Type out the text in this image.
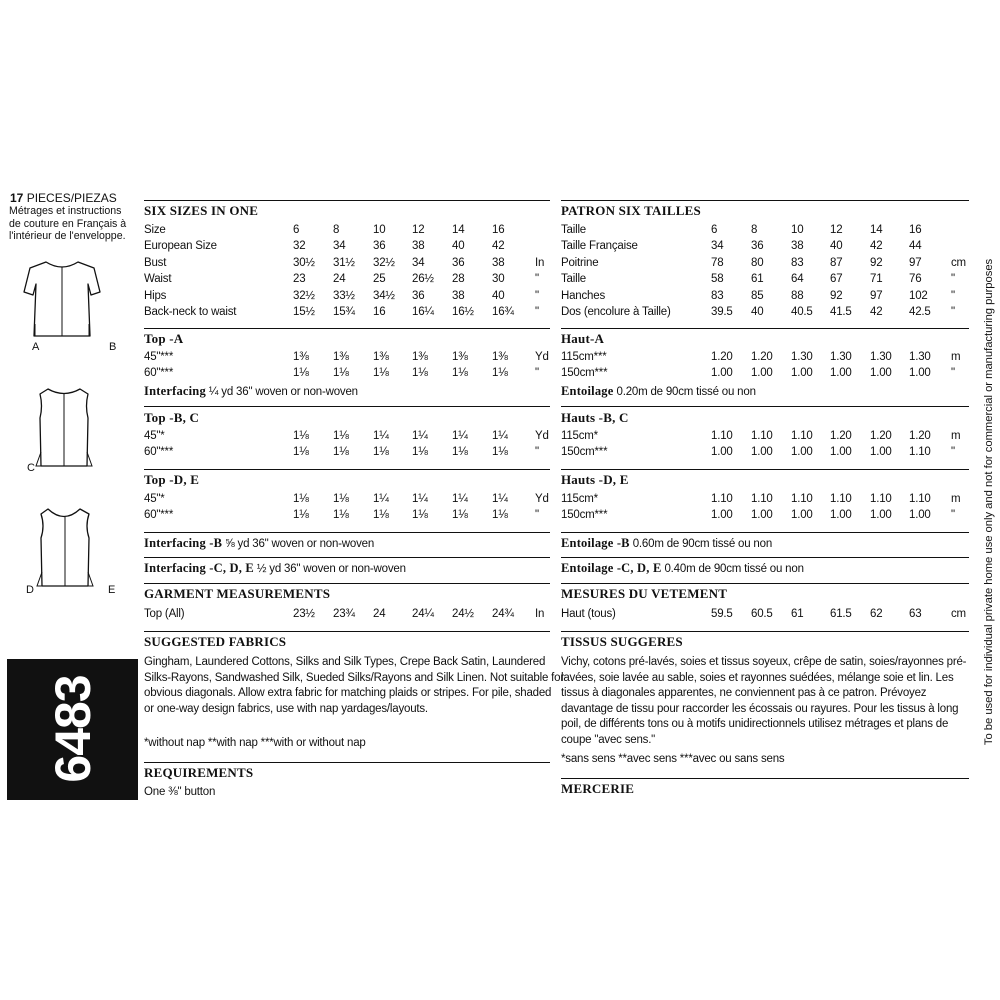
17 PIECES/PIEZAS
Métrages et instructions
de couture en Français à
l'intérieur de l'enveloppe.
A	B
C
D	E
6483	To be used for individual private home use only and not for commercial or manufacturing purposes
SIX SIZES IN ONE
Size	6	8	10 12 14 16
European Size	32 34 36 38 40 42
Bust	30½ 31½ 32½ 34 36 38	In
Waist	23 24 25 26½ 28 30	"
Hips	32½ 33½ 34½ 36 38 40	"
Back-neck to waist	15½ 15¾ 16 16¼ 16½ 16¾ "
Top -A
45"***	1⅜ 1⅜ 1⅜ 1⅜ 1⅜ 1⅜ Yd
60"***	1⅛ 1⅛ 1⅛ 1⅛ 1⅛ 1⅛ "
Interfacing ¼ yd 36" woven or non-woven
Top -B, C
45"*	1⅛ 1⅛ 1¼ 1¼ 1¼ 1¼ Yd
60"***	1⅛ 1⅛ 1⅛ 1⅛ 1⅛ 1⅛ "
Top -D, E
45"*	1⅛ 1⅛ 1¼ 1¼ 1¼ 1¼ Yd
60"***	1⅛ 1⅛ 1⅛ 1⅛ 1⅛ 1⅛ "
Interfacing -B ⅝ yd 36" woven or non-woven
Interfacing -C, D, E ½ yd 36" woven or non-woven
GARMENT MEASUREMENTS
Top (All)	23½ 23¾ 24 24¼ 24½ 24¾ In
SUGGESTED FABRICS
Gingham, Laundered Cottons, Silks and Silk Types, Crepe Back Satin, Laundered
Silks-Rayons, Sandwashed Silk, Sueded Silks/Rayons and Silk Linen. Not suitable for
obvious diagonals. Allow extra fabric for matching plaids or stripes. For pile, shaded
or one-way design fabrics, use with nap yardages/layouts.
*without nap **with nap ***with or without nap
REQUIREMENTS
One ⅜" button
PATRON SIX TAILLES
Taille	6	8	10 12 14 16
Taille Française	34 36 38 40 42 44
Poitrine	78 80 83 87 92 97	cm
Taille	58 61 64 67 71 76	"
Hanches	83 85 88 92 97 102 "
Dos (encolure à Taille)	39.5 40 40.5 41.5 42 42.5 "
Haut-A
115cm***	1.20 1.20 1.30 1.30 1.30 1.30 m
150cm***	1.00 1.00 1.00 1.00 1.00 1.00 "
Entoilage 0.20m de 90cm tissé ou non
Hauts -B, C
115cm*	1.10 1.10 1.10 1.20 1.20 1.20 m
150cm***	1.00 1.00 1.00 1.00 1.00 1.10 "
Hauts -D, E
115cm*	1.10 1.10 1.10 1.10 1.10 1.10 m
150cm***	1.00 1.00 1.00 1.00 1.00 1.00 "
Entoilage -B 0.60m de 90cm tissé ou non
Entoilage -C, D, E 0.40m de 90cm tissé ou non
MESURES DU VETEMENT
Haut (tous)	59.5 60.5 61 61.5 62 63	cm
TISSUS SUGGERES
Vichy, cotons pré-lavés, soies et tissus soyeux, crêpe de satin, soies/rayonnes pré-
lavées, soie lavée au sable, soies et rayonnes suédées, mélange soie et lin. Les
tissus à diagonales apparentes, ne conviennent pas à ce patron. Prévoyez
davantage de tissu pour raccorder les écossais ou rayures. Pour les tissus à long
poil, de différents tons ou à motifs unidirectionnels utilisez métrages et plans de
coupe "avec sens."
*sans sens **avec sens ***avec ou sans sens
MERCERIE
